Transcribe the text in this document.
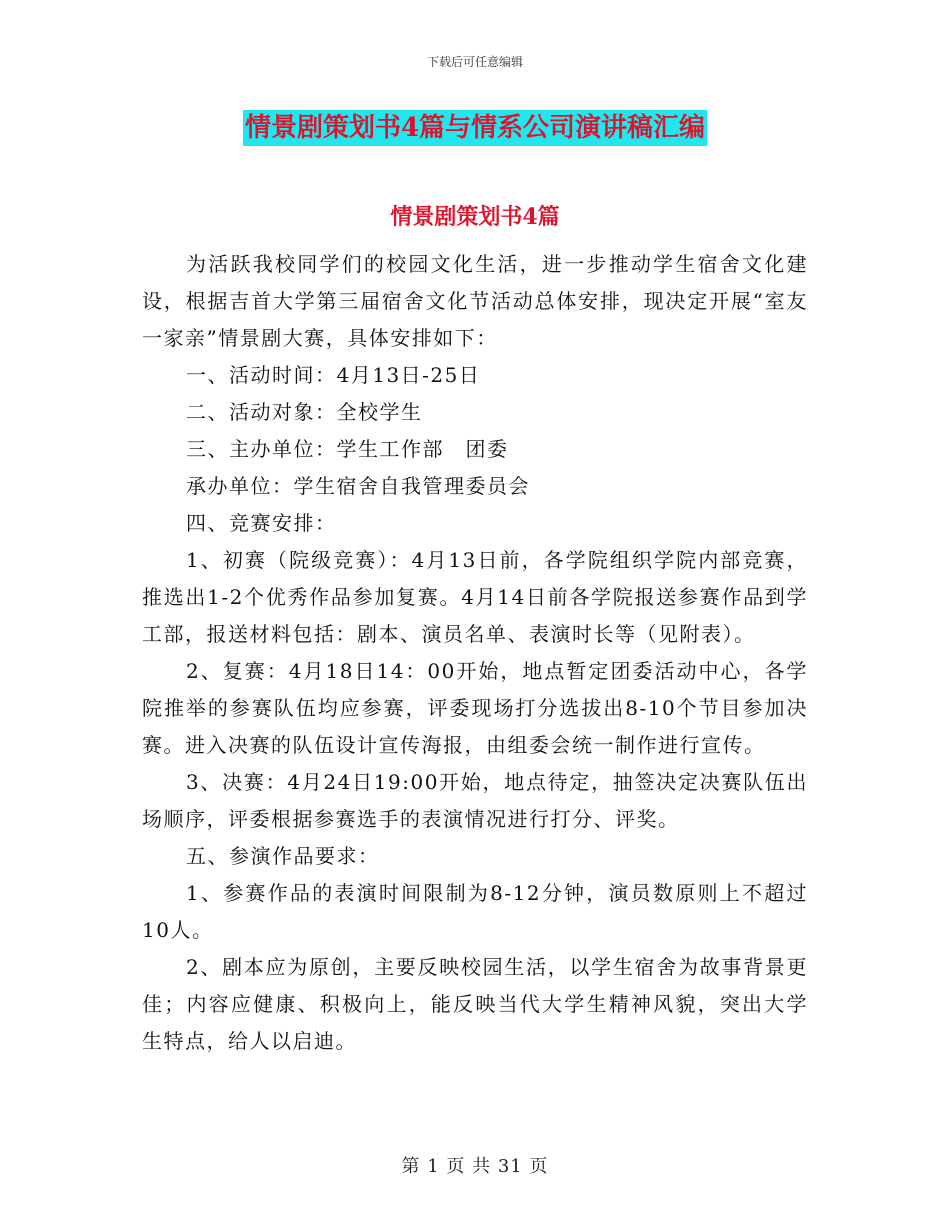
下载后可任意编辑
情景剧策划书4篇与情系公司演讲稿汇编
情景剧策划书4篇

为活跃我校同学们的校园文化生活，进一步推动学生宿舍文化建设，根据吉首大学第三届宿舍文化节活动总体安排，现决定开展“室友一家亲”情景剧大赛，具体安排如下：

一、活动时间：4月13日-25日

二、活动对象：全校学生

三、主办单位：学生工作部　团委

承办单位：学生宿舍自我管理委员会

四、竞赛安排：

1、初赛（院级竞赛）：4月13日前，各学院组织学院内部竞赛，推选出1-2个优秀作品参加复赛。4月14日前各学院报送参赛作品到学工部，报送材料包括：剧本、演员名单、表演时长等（见附表）。

2、复赛：4月18日14：00开始，地点暂定团委活动中心，各学院推举的参赛队伍均应参赛，评委现场打分选拔出8-10个节目参加决赛。进入决赛的队伍设计宣传海报，由组委会统一制作进行宣传。

3、决赛：4月24日19:00开始，地点待定，抽签决定决赛队伍出场顺序，评委根据参赛选手的表演情况进行打分、评奖。

五、参演作品要求：

1、参赛作品的表演时间限制为8-12分钟，演员数原则上不超过10人。

2、剧本应为原创，主要反映校园生活，以学生宿舍为故事背景更佳；内容应健康、积极向上，能反映当代大学生精神风貌，突出大学生特点，给人以启迪。

第 1 页 共 31 页
